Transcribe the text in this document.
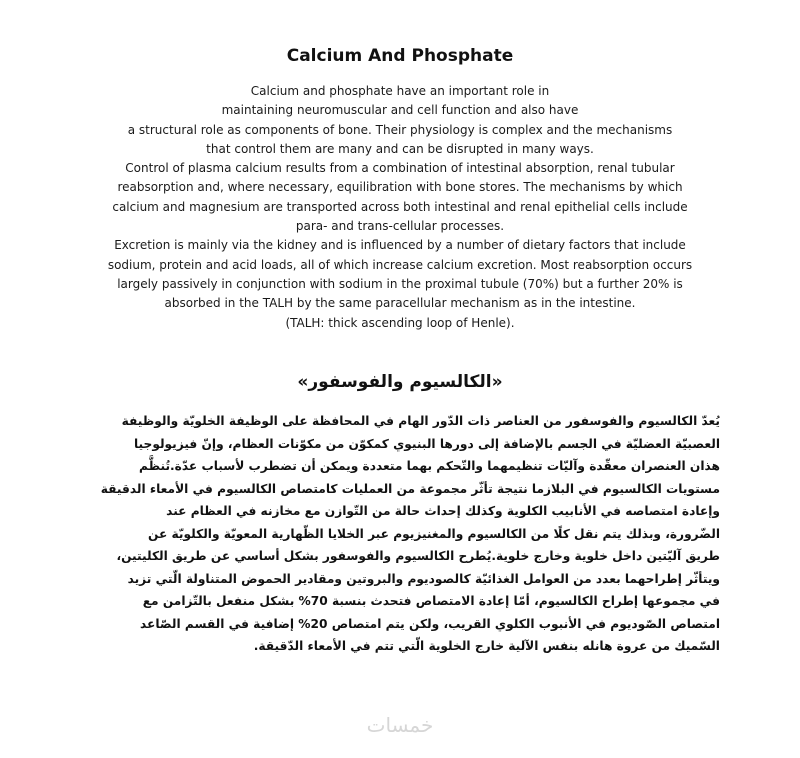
Calcium And Phosphate
Calcium and phosphate have an important role in
maintaining neuromuscular and cell function and also have
a structural role as components of bone. Their physiology is complex and the mechanisms
that control them are many and can be disrupted in many ways.
Control of plasma calcium results from a combination of intestinal absorption, renal tubular
reabsorption and, where necessary, equilibration with bone stores. The mechanisms by which
calcium and magnesium are transported across both intestinal and renal epithelial cells include
para- and trans-cellular processes.
Excretion is mainly via the kidney and is influenced by a number of dietary factors that include
sodium, protein and acid loads, all of which increase calcium excretion. Most reabsorption occurs
largely passively in conjunction with sodium in the proximal tubule (70%) but a further 20% is
absorbed in the TALH by the same paracellular mechanism as in the intestine.
(TALH: thick ascending loop of Henle).
«الكالسيوم والفوسفور»
يُعدّ الكالسيوم والفوسفور من العناصر ذات الدّور الهام في المحافظة على الوظيفة الخلويّة والوظيفة
العصبيّة العضليّة في الجسم بالإضافة إلى دورها البنيوي كمكوّن من مكوّنات العظام، وإنّ فيزيولوجيا
هذان العنصران معقّدة وآليّات تنظيمهما والتّحكم بهما متعددة ويمكن أن تضطرب لأسباب عدّة.تُنظَّم
مستويات الكالسيوم في البلازما نتيجة تأثّر مجموعة من العمليات كامتصاص الكالسيوم في الأمعاء الدقيقة
وإعادة امتصاصه في الأنابيب الكلوية وكذلك إحداث حالة من التّوازن مع مخازنه في العظام عند
الضّرورة، وبذلك يتم نقل كلًا من الكالسيوم والمغنيزيوم عبر الخلايا الظّهارية المعويّة والكلويّة عن
طريق آليّتين داخل خلوية وخارج خلوية.يُطرح الكالسيوم والفوسفور بشكل أساسي عن طريق الكليتين،
ويتأثّر إطراحهما بعدد من العوامل الغذائيّة كالصوديوم والبروتين ومقادير الحموض المتناولة الّتي تزيد
في مجموعها إطراح الكالسيوم، أمّا إعادة الامتصاص فتحدث بنسبة 70% بشكل منفعل بالتّزامن مع
امتصاص الصّوديوم في الأنبوب الكلوي القريب، ولكن يتم امتصاص 20% إضافية في القسم الصّاعد
السّميك من عروة هانله بنفس الآلية خارج الخلوية الّتي تتم في الأمعاء الدّقيقة.
خمسات
